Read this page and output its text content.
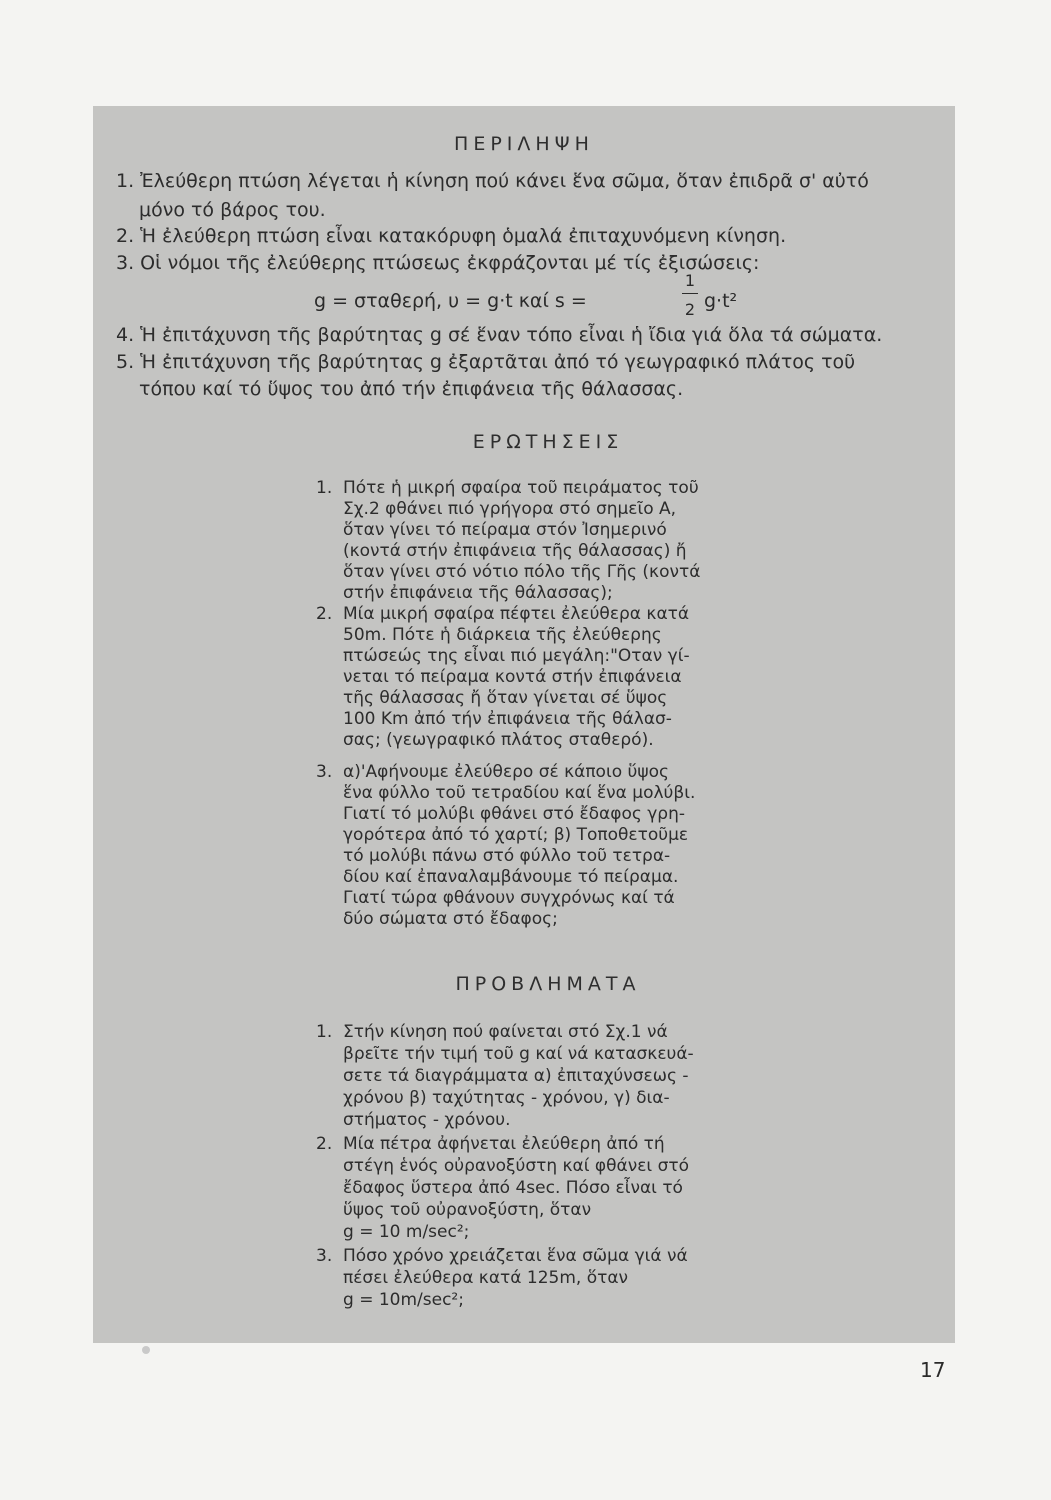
ΠΕΡΙΛΗΨΗ
1. Ἐλεύθερη πτώση λέγεται ἡ κίνηση πού κάνει ἕνα σῶμα, ὅταν ἐπιδρᾶ σ' αὐτό
μόνο τό βάρος του.
2. Ἡ ἐλεύθερη πτώση εἶναι κατακόρυφη ὁμαλά ἐπιταχυνόμενη κίνηση.
3. Οἱ νόμοι τῆς ἐλεύθερης πτώσεως ἐκφράζονται μέ τίς ἐξισώσεις:
g = σταθερή, υ = g·t καί s =
1
2 g·t²
4. Ἡ ἐπιτάχυνση τῆς βαρύτητας g σέ ἕναν τόπο εἶναι ἡ ἴδια γιά ὅλα τά σώματα.
5. Ἡ ἐπιτάχυνση τῆς βαρύτητας g ἐξαρτᾶται ἀπό τό γεωγραφικό πλάτος τοῦ
τόπου καί τό ὕψος του ἀπό τήν ἐπιφάνεια τῆς θάλασσας.
ΕΡΩΤΗΣΕΙΣ
1.
2.
3.
Πότε ἡ μικρή σφαίρα τοῦ πειράματος τοῦ
Σχ.2 φθάνει πιό γρήγορα στό σημεῖο Α,
ὅταν γίνει τό πείραμα στόν Ἰσημερινό
(κοντά στήν ἐπιφάνεια τῆς θάλασσας) ἤ
ὅταν γίνει στό νότιο πόλο τῆς Γῆς (κοντά
στήν ἐπιφάνεια τῆς θάλασσας);
Μία μικρή σφαίρα πέφτει ἐλεύθερα κατά
50m. Πότε ἡ διάρκεια τῆς ἐλεύθερης
πτώσεώς της εἶναι πιό μεγάλη:"Οταν γί-
νεται τό πείραμα κοντά στήν ἐπιφάνεια
τῆς θάλασσας ἤ ὅταν γίνεται σέ ὕψος
100 Km ἀπό τήν ἐπιφάνεια τῆς θάλασ-
σας; (γεωγραφικό πλάτος σταθερό).
α)'Αφήνουμε ἐλεύθερο σέ κάποιο ὕψος
ἕνα φύλλο τοῦ τετραδίου καί ἕνα μολύβι.
Γιατί τό μολύβι φθάνει στό ἔδαφος γρη-
γορότερα ἀπό τό χαρτί; β) Τοποθετοῦμε
τό μολύβι πάνω στό φύλλο τοῦ τετρα-
δίου καί ἐπαναλαμβάνουμε τό πείραμα.
Γιατί τώρα φθάνουν συγχρόνως καί τά
δύο σώματα στό ἔδαφος;
ΠΡΟΒΛΗΜΑΤΑ
1.
2.
3.
Στήν κίνηση πού φαίνεται στό Σχ.1 νά
βρεῖτε τήν τιμή τοῦ g καί νά κατασκευά-
σετε τά διαγράμματα α) ἐπιταχύνσεως -
χρόνου β) ταχύτητας - χρόνου, γ) δια-
στήματος - χρόνου.
Μία πέτρα ἀφήνεται ἐλεύθερη ἀπό τή
στέγη ἑνός οὐρανοξύστη καί φθάνει στό
ἔδαφος ὕστερα ἀπό 4sec. Πόσο εἶναι τό
ὕψος τοῦ οὐρανοξύστη, ὅταν
g = 10 m/sec²;
Πόσο χρόνο χρειάζεται ἕνα σῶμα γιά νά
πέσει ἐλεύθερα κατά 125m, ὅταν
g = 10m/sec²;
17
